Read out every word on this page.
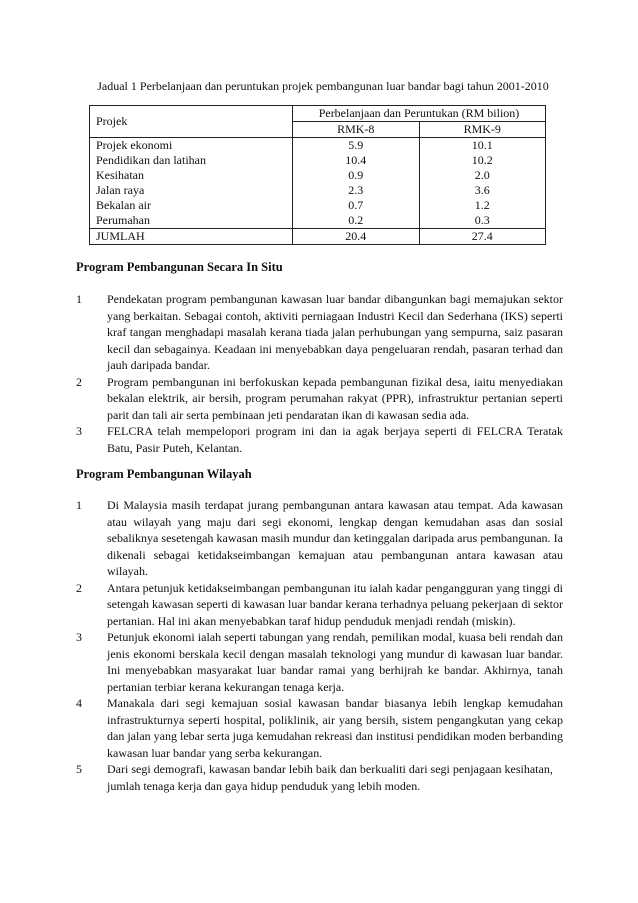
Jadual 1 Perbelanjaan dan peruntukan projek pembangunan luar bandar bagi tahun 2001-2010
Projek	Perbelanjaan dan Peruntukan (RM bilion)	
	RMK-8	RMK-9
Projek ekonomi	5.9	10.1
Pendidikan dan latihan	10.4	10.2
Kesihatan	0.9	2.0
Jalan raya	2.3	3.6
Bekalan air	0.7	1.2
Perumahan	0.2	0.3
JUMLAH	20.4	27.4
Program Pembangunan Secara In Situ
1 Pendekatan program pembangunan kawasan luar bandar dibangunkan bagi memajukan sektor yang berkaitan. Sebagai contoh, aktiviti perniagaan Industri Kecil dan Sederhana (IKS) seperti kraf tangan menghadapi masalah kerana tiada jalan perhubungan yang sempurna, saiz pasaran kecil dan sebagainya. Keadaan ini menyebabkan daya pengeluaran rendah, pasaran terhad dan jauh daripada bandar.
2 Program pembangunan ini berfokuskan kepada pembangunan fizikal desa, iaitu menyediakan bekalan elektrik, air bersih, program perumahan rakyat (PPR), infrastruktur pertanian seperti parit dan tali air serta pembinaan jeti pendaratan ikan di kawasan sedia ada.
3 FELCRA telah mempelopori program ini dan ia agak berjaya seperti di FELCRA Teratak Batu, Pasir Puteh, Kelantan.
Program Pembangunan Wilayah
1 Di Malaysia masih terdapat jurang pembangunan antara kawasan atau tempat. Ada kawasan atau wilayah yang maju dari segi ekonomi, lengkap dengan kemudahan asas dan sosial sebaliknya sesetengah kawasan masih mundur dan ketinggalan daripada arus pembangunan. Ia dikenali sebagai ketidakseimbangan kemajuan atau pembangunan antara kawasan atau wilayah.
2 Antara petunjuk ketidakseimbangan pembangunan itu ialah kadar pengangguran yang tinggi di setengah kawasan seperti di kawasan luar bandar kerana terhadnya peluang pekerjaan di sektor pertanian. Hal ini akan menyebabkan taraf hidup penduduk menjadi rendah (miskin).
3 Petunjuk ekonomi ialah seperti tabungan yang rendah, pemilikan modal, kuasa beli rendah dan jenis ekonomi berskala kecil dengan masalah teknologi yang mundur di kawasan luar bandar. Ini menyebabkan masyarakat luar bandar ramai yang berhijrah ke bandar. Akhirnya, tanah pertanian terbiar kerana kekurangan tenaga kerja.
4 Manakala dari segi kemajuan sosial kawasan bandar biasanya lebih lengkap kemudahan infrastrukturnya seperti hospital, poliklinik, air yang bersih, sistem pengangkutan yang cekap dan jalan yang lebar serta juga kemudahan rekreasi dan institusi pendidikan moden berbanding kawasan luar bandar yang serba kekurangan.
5 Dari segi demografi, kawasan bandar lebih baik dan berkualiti dari segi penjagaan kesihatan, jumlah tenaga kerja dan gaya hidup penduduk yang lebih moden.
